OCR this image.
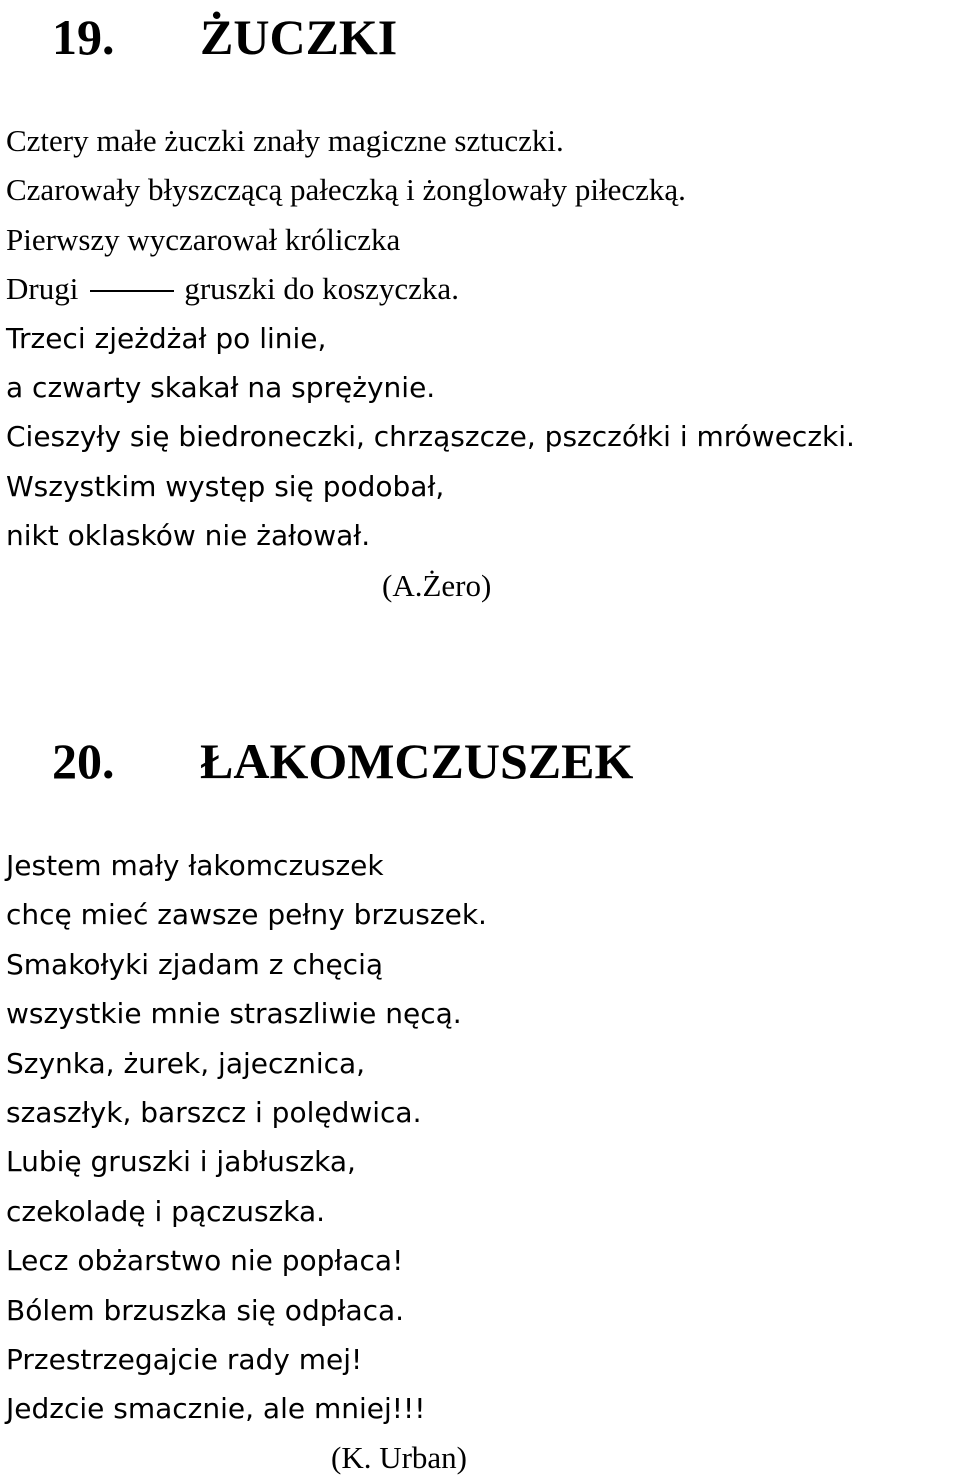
19. ŻUCZKI
Cztery małe żuczki znały magiczne sztuczki.
Czarowały błyszczącą pałeczką i żonglowały piłeczką.
Pierwszy wyczarował króliczka
Drugi	gruszki do koszyczka.
Trzeci zjeżdżał po linie,
a czwarty skakał na sprężynie.
Cieszyły się biedroneczki, chrząszcze, pszczółki i mróweczki.
Wszystkim występ się podobał,
nikt oklasków nie żałował.
(A.Żero)
20. ŁAKOMCZUSZEK
Jestem mały łakomczuszek
chcę mieć zawsze pełny brzuszek.
Smakołyki zjadam z chęcią
wszystkie mnie straszliwie nęcą.
Szynka, żurek, jajecznica,
szaszłyk, barszcz i polędwica.
Lubię gruszki i jabłuszka,
czekoladę i pączuszka.
Lecz obżarstwo nie popłaca!
Bólem brzuszka się odpłaca.
Przestrzegajcie rady mej!
Jedzcie smacznie, ale mniej!!!
(K. Urban)
